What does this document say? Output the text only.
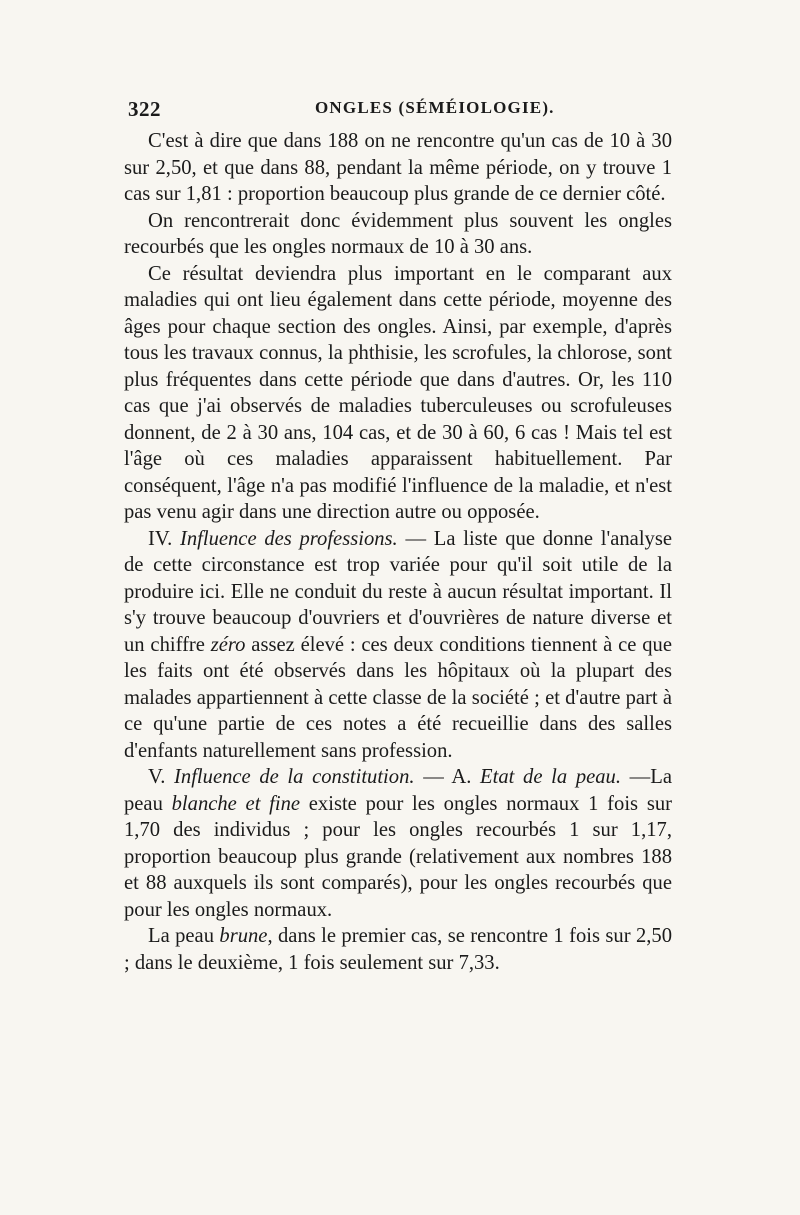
322	ONGLES (SÉMÉIOLOGIE).

C'est à dire que dans 188 on ne rencontre qu'un cas de 10 à 30 sur 2,50, et que dans 88, pendant la même période, on y trouve 1 cas sur 1,81 : proportion beaucoup plus grande de ce dernier côté.

On rencontrerait donc évidemment plus souvent les ongles recourbés que les ongles normaux de 10 à 30 ans.

Ce résultat deviendra plus important en le comparant aux maladies qui ont lieu également dans cette période, moyenne des âges pour chaque section des ongles. Ainsi, par exemple, d'après tous les travaux connus, la phthisie, les scrofules, la chlorose, sont plus fréquentes dans cette période que dans d'autres. Or, les 110 cas que j'ai observés de maladies tuberculeuses ou scrofuleuses donnent, de 2 à 30 ans, 104 cas, et de 30 à 60, 6 cas ! Mais tel est l'âge où ces maladies apparaissent habituellement. Par conséquent, l'âge n'a pas modifié l'influence de la maladie, et n'est pas venu agir dans une direction autre ou opposée.

IV. Influence des professions. — La liste que donne l'analyse de cette circonstance est trop variée pour qu'il soit utile de la produire ici. Elle ne conduit du reste à aucun résultat important. Il s'y trouve beaucoup d'ouvriers et d'ouvrières de nature diverse et un chiffre zéro assez élevé : ces deux conditions tiennent à ce que les faits ont été observés dans les hôpitaux où la plupart des malades appartiennent à cette classe de la société ; et d'autre part à ce qu'une partie de ces notes a été recueillie dans des salles d'enfants naturellement sans profession.

V. Influence de la constitution. — A. Etat de la peau. —La peau blanche et fine existe pour les ongles normaux 1 fois sur 1,70 des individus ; pour les ongles recourbés 1 sur 1,17, proportion beaucoup plus grande (relativement aux nombres 188 et 88 auxquels ils sont comparés), pour les ongles recourbés que pour les ongles normaux.

La peau brune, dans le premier cas, se rencontre 1 fois sur 2,50 ; dans le deuxième, 1 fois seulement sur 7,33.
